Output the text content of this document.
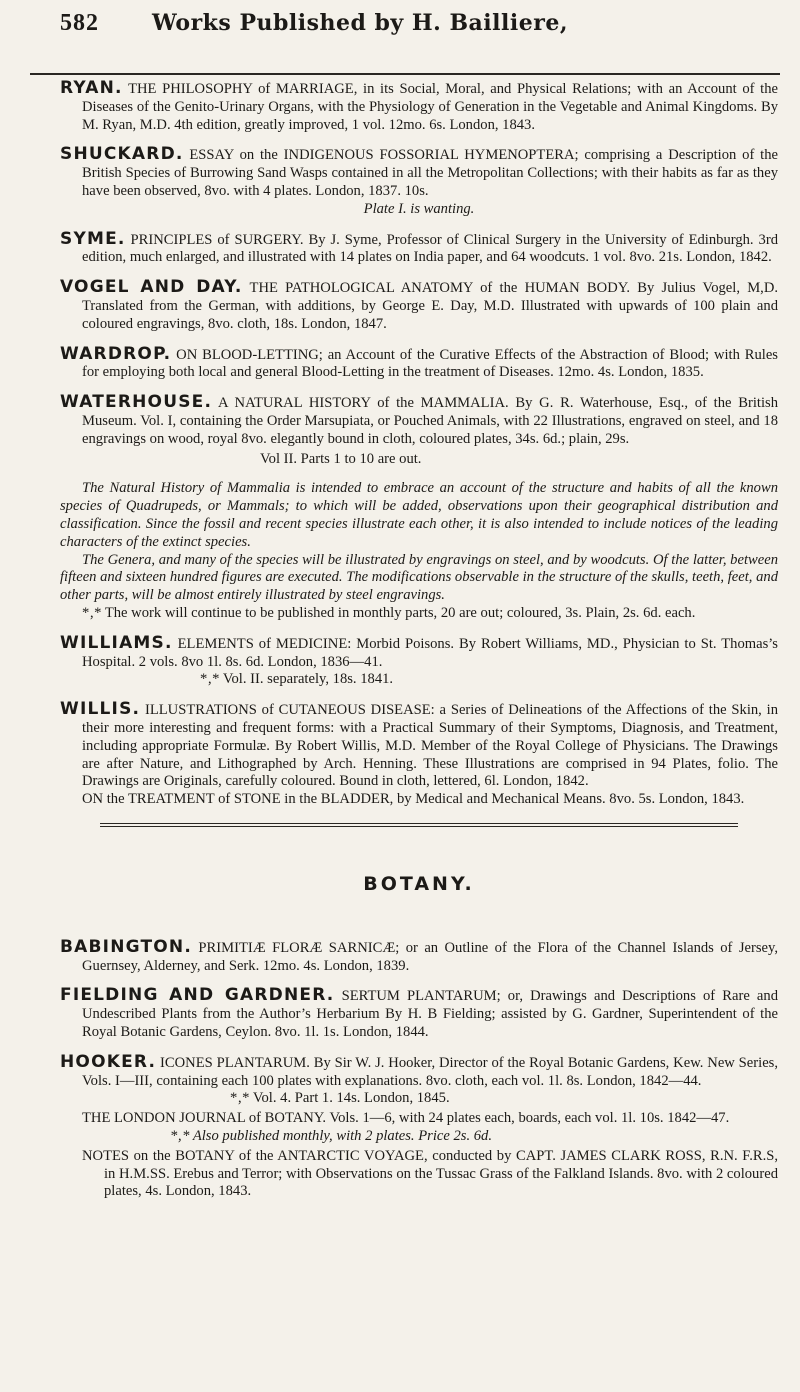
582	Works Published by H. Bailliere,

RYAN. THE PHILOSOPHY of MARRIAGE, in its Social, Moral, and Physical Relations; with an Account of the Diseases of the Genito-Urinary Organs, with the Physiology of Generation in the Vegetable and Animal Kingdoms. By M. Ryan, M.D. 4th edition, greatly improved, 1 vol. 12mo. 6s. London, 1843.

SHUCKARD. ESSAY on the INDIGENOUS FOSSORIAL HYMENOPTERA; comprising a Description of the British Species of Burrowing Sand Wasps contained in all the Metropolitan Collections; with their habits as far as they have been observed, 8vo. with 4 plates. London, 1837. 10s.

Plate I. is wanting.

SYME. PRINCIPLES of SURGERY. By J. Syme, Professor of Clinical Surgery in the University of Edinburgh. 3rd edition, much enlarged, and illustrated with 14 plates on India paper, and 64 woodcuts. 1 vol. 8vo. 21s. London, 1842.

VOGEL AND DAY. THE PATHOLOGICAL ANATOMY of the HUMAN BODY. By Julius Vogel, M,D. Translated from the German, with additions, by George E. Day, M.D. Illustrated with upwards of 100 plain and coloured engravings, 8vo. cloth, 18s. London, 1847.

WARDROP. ON BLOOD-LETTING; an Account of the Curative Effects of the Abstraction of Blood; with Rules for employing both local and general Blood-Letting in the treatment of Diseases. 12mo. 4s. London, 1835.

WATERHOUSE. A NATURAL HISTORY of the MAMMALIA. By G. R. Waterhouse, Esq., of the British Museum. Vol. I, containing the Order Marsupiata, or Pouched Animals, with 22 Illustrations, engraved on steel, and 18 engravings on wood, royal 8vo. elegantly bound in cloth, coloured plates, 34s. 6d.; plain, 29s.

Vol II. Parts 1 to 10 are out.

The Natural History of Mammalia is intended to embrace an account of the structure and habits of all the known species of Quadrupeds, or Mammals; to which will be added, observations upon their geographical distribution and classification. Since the fossil and recent species illustrate each other, it is also intended to include notices of the leading characters of the extinct species.

The Genera, and many of the species will be illustrated by engravings on steel, and by woodcuts. Of the latter, between fifteen and sixteen hundred figures are executed. The modifications observable in the structure of the skulls, teeth, feet, and other parts, will be almost entirely illustrated by steel engravings.

*‚* The work will continue to be published in monthly parts, 20 are out; coloured, 3s. Plain, 2s. 6d. each.

WILLIAMS. ELEMENTS of MEDICINE: Morbid Poisons. By Robert Williams, MD., Physician to St. Thomas’s Hospital. 2 vols. 8vo 1l. 8s. 6d. London, 1836—41.

*‚* Vol. II. separately, 18s. 1841.

WILLIS. ILLUSTRATIONS of CUTANEOUS DISEASE: a Series of Delineations of the Affections of the Skin, in their more interesting and frequent forms: with a Practical Summary of their Symptoms, Diagnosis, and Treatment, including appropriate Formulæ. By Robert Willis, M.D. Member of the Royal College of Physicians. The Drawings are after Nature, and Lithographed by Arch. Henning. These Illustrations are comprised in 94 Plates, folio. The Drawings are Originals, carefully coloured. Bound in cloth, lettered, 6l. London, 1842.

ON the TREATMENT of STONE in the BLADDER, by Medical and Mechanical Means. 8vo. 5s. London, 1843.

BOTANY.

BABINGTON. PRIMITIÆ FLORÆ SARNICÆ; or an Outline of the Flora of the Channel Islands of Jersey, Guernsey, Alderney, and Serk. 12mo. 4s. London, 1839.

FIELDING AND GARDNER. SERTUM PLANTARUM; or, Drawings and Descriptions of Rare and Undescribed Plants from the Author’s Herbarium By H. B Fielding; assisted by G. Gardner, Superintendent of the Royal Botanic Gardens, Ceylon. 8vo. 1l. 1s. London, 1844.

HOOKER. ICONES PLANTARUM. By Sir W. J. Hooker, Director of the Royal Botanic Gardens, Kew. New Series, Vols. I—III, containing each 100 plates with explanations. 8vo. cloth, each vol. 1l. 8s. London, 1842—44.

*‚* Vol. 4. Part 1. 14s. London, 1845.

THE LONDON JOURNAL of BOTANY. Vols. 1—6, with 24 plates each, boards, each vol. 1l. 10s. 1842—47.

*‚* Also published monthly, with 2 plates. Price 2s. 6d.

NOTES on the BOTANY of the ANTARCTIC VOYAGE, conducted by CAPT. JAMES CLARK ROSS, R.N. F.R.S, in H.M.SS. Erebus and Terror; with Observations on the Tussac Grass of the Falkland Islands. 8vo. with 2 coloured plates, 4s. London, 1843.
